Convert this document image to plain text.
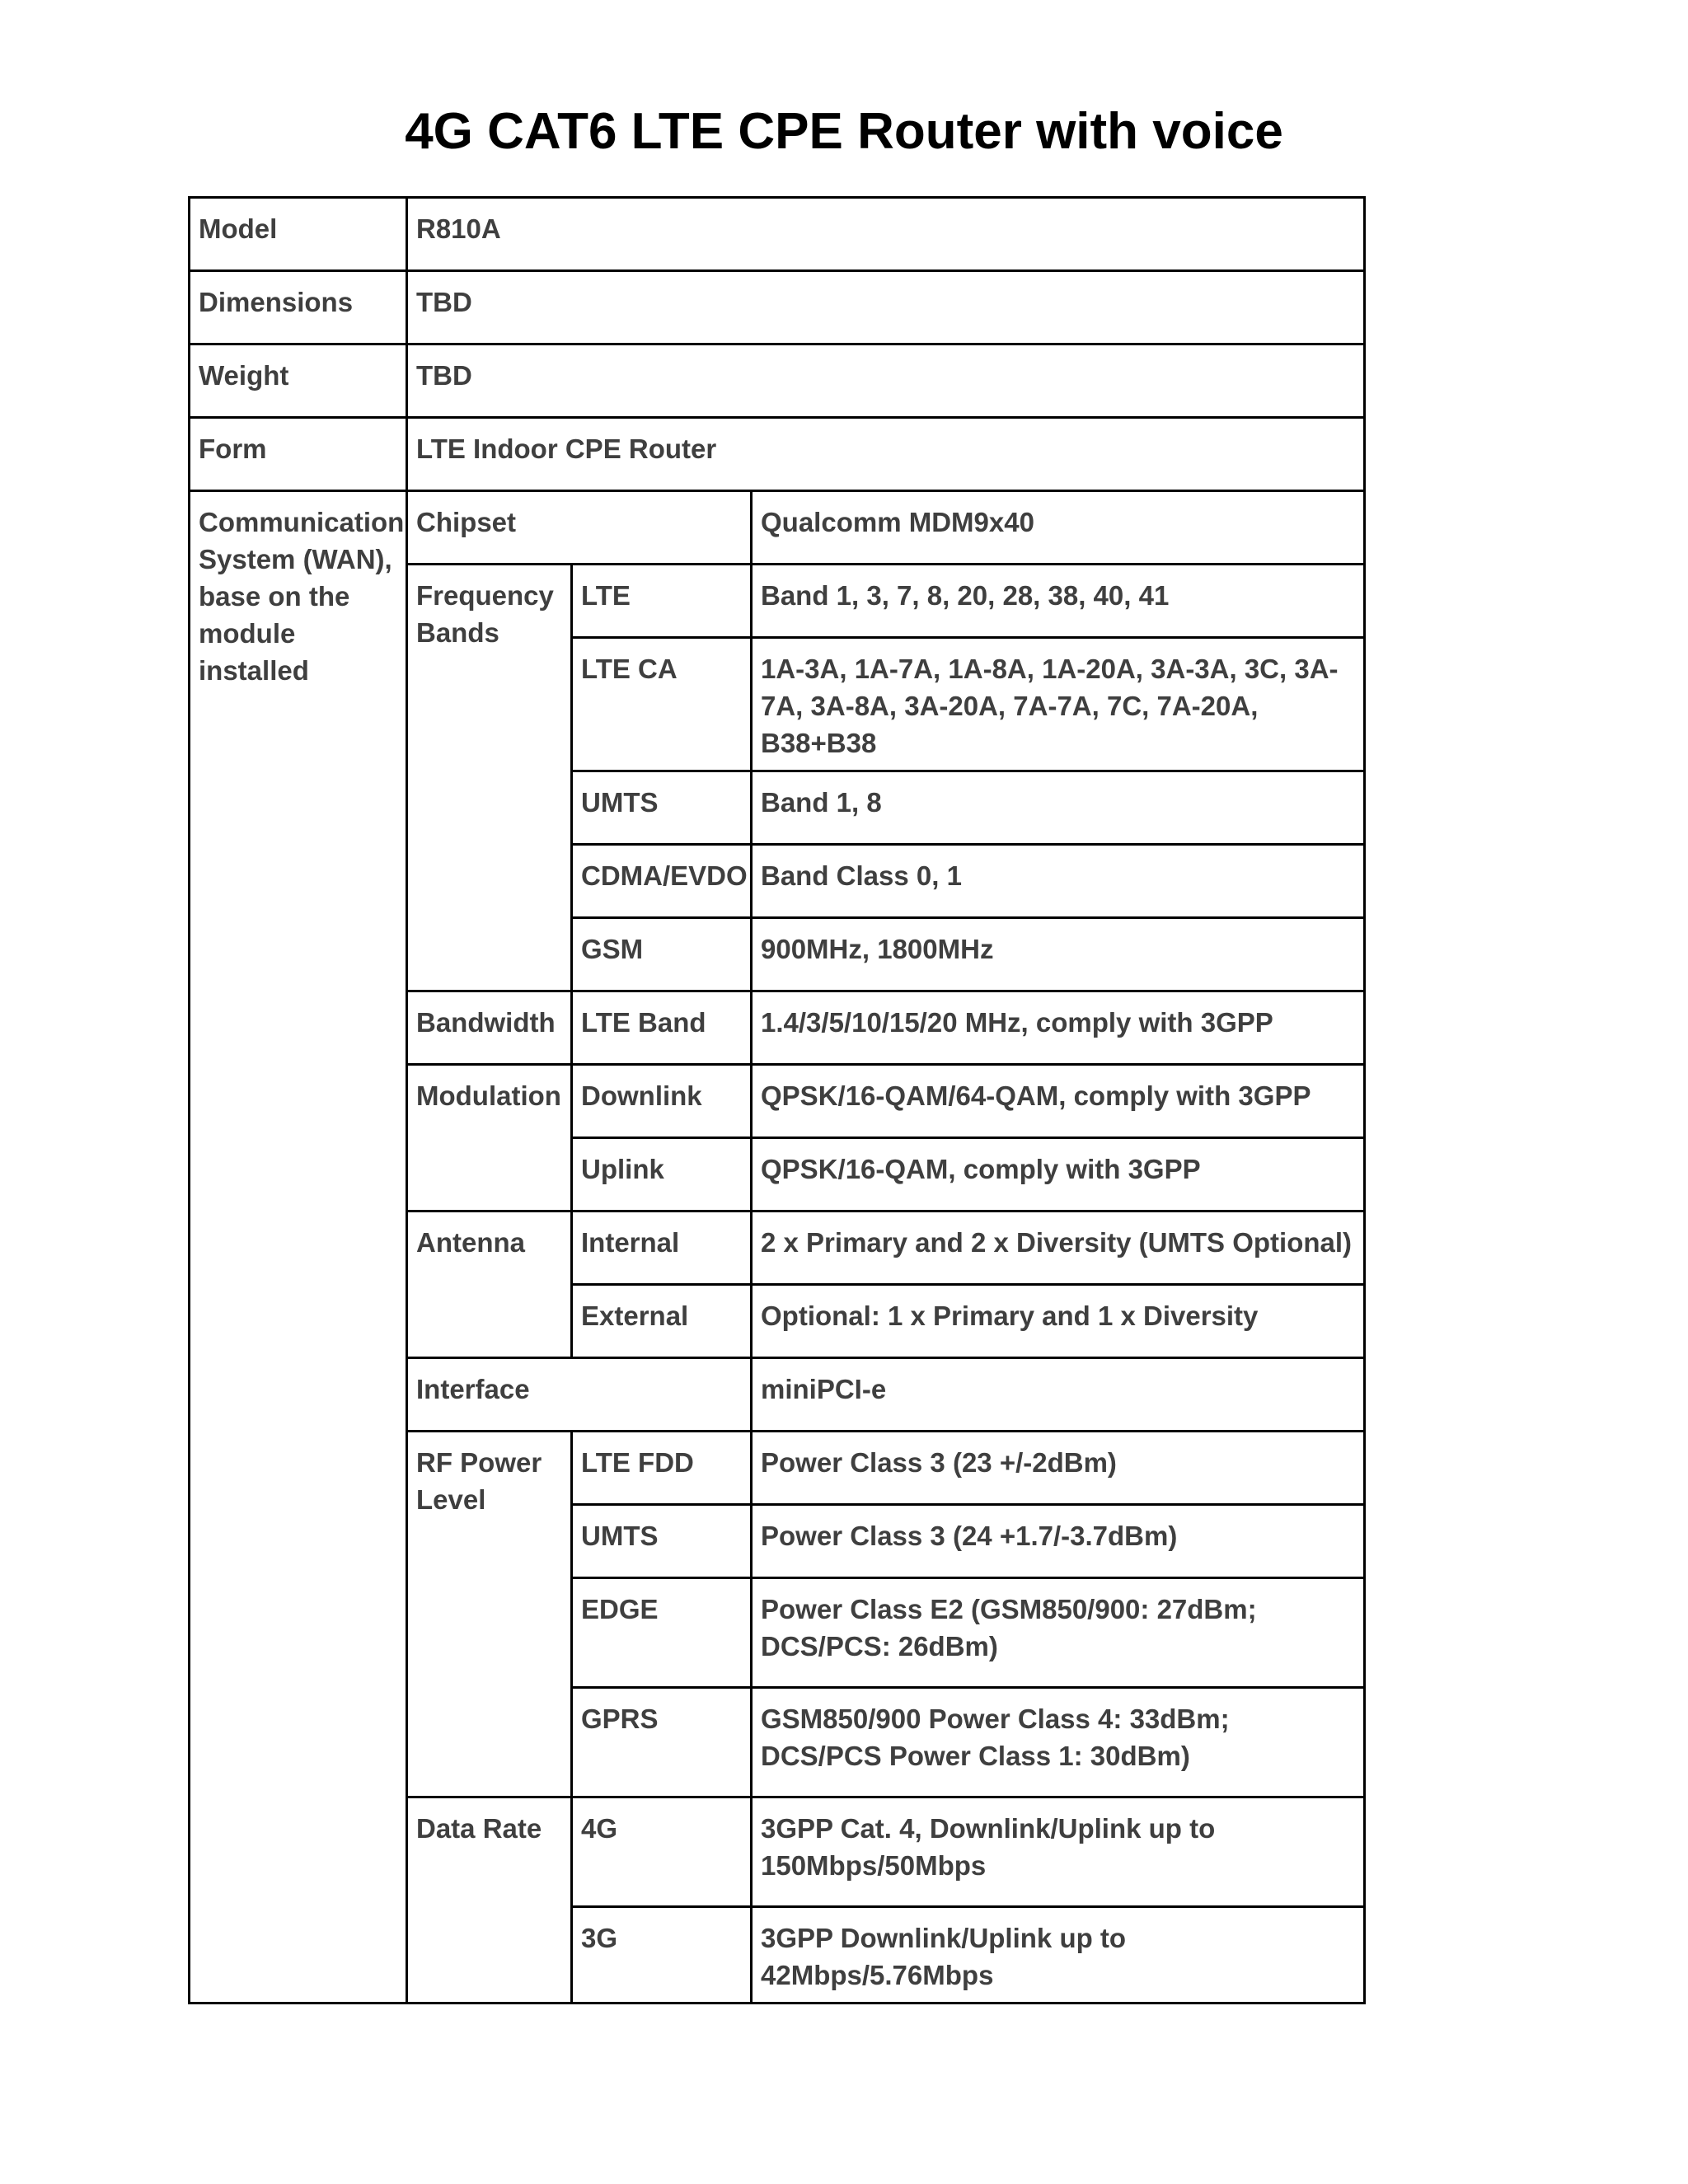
4G CAT6 LTE CPE Router with voice
Model	R810A		
Dimensions	TBD		
Weight	TBD		
Form	LTE Indoor CPE Router		
Communication System (WAN), base on the module installed	Chipset		Qualcomm MDM9x40
	Frequency Bands	LTE	Band 1, 3, 7, 8, 20, 28, 38, 40, 41
		LTE CA	1A-3A, 1A-7A, 1A-8A, 1A-20A, 3A-3A, 3C, 3A-7A, 3A-8A, 3A-20A, 7A-7A, 7C, 7A-20A, B38+B38
		UMTS	Band 1, 8
		CDMA/EVDO	Band Class 0, 1
		GSM	900MHz, 1800MHz
	Bandwidth	LTE Band	1.4/3/5/10/15/20 MHz, comply with 3GPP
	Modulation	Downlink	QPSK/16-QAM/64-QAM, comply with 3GPP
		Uplink	QPSK/16-QAM, comply with 3GPP
	Antenna	Internal	2 x Primary and 2 x Diversity (UMTS Optional)
		External	Optional: 1 x Primary and 1 x Diversity
	Interface		miniPCI-e
	RF Power Level	LTE FDD	Power Class 3 (23 +/-2dBm)
		UMTS	Power Class 3 (24 +1.7/-3.7dBm)
		EDGE	Power Class E2 (GSM850/900: 27dBm; DCS/PCS: 26dBm)
		GPRS	GSM850/900 Power Class 4: 33dBm; DCS/PCS Power Class 1: 30dBm)
	Data Rate	4G	3GPP Cat. 4, Downlink/Uplink up to 150Mbps/50Mbps
		3G	3GPP Downlink/Uplink up to 42Mbps/5.76Mbps
